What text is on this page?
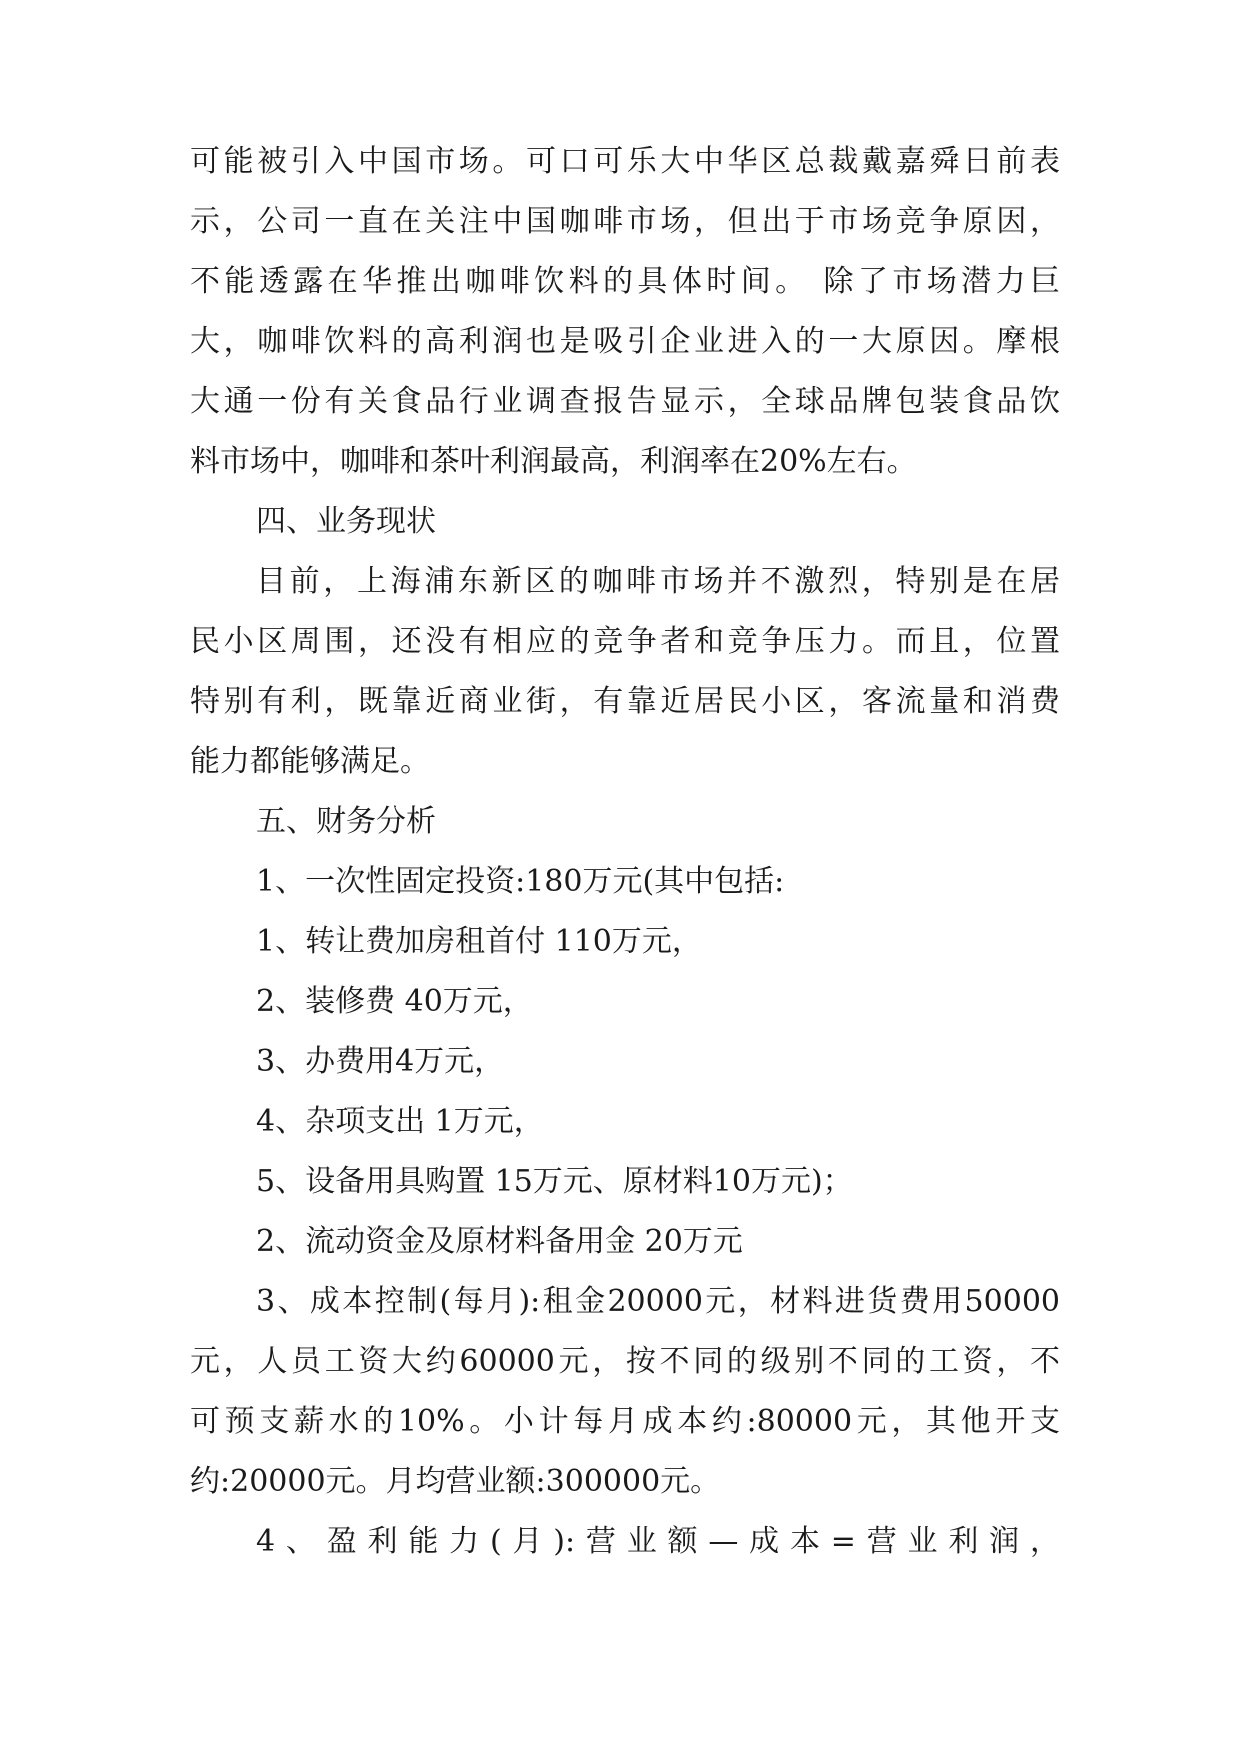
可能被引入中国市场。可口可乐大中华区总裁戴嘉舜日前表
示，公司一直在关注中国咖啡市场，但出于市场竞争原因，
不能透露在华推出咖啡饮料的具体时间。 除了市场潜力巨
大，咖啡饮料的高利润也是吸引企业进入的一大原因。摩根
大通一份有关食品行业调查报告显示，全球品牌包装食品饮
料市场中，咖啡和茶叶利润最高，利润率在20%左右。
四、业务现状
目前，上海浦东新区的咖啡市场并不激烈，特别是在居
民小区周围，还没有相应的竞争者和竞争压力。而且，位置
特别有利，既靠近商业街，有靠近居民小区，客流量和消费
能力都能够满足。
五、财务分析
1、一次性固定投资:180万元(其中包括:
1、转让费加房租首付 110万元，
2、装修费 40万元，
3、办费用4万元，
4、杂项支出 1万元，
5、设备用具购置 15万元、原材料10万元)；
2、流动资金及原材料备用金 20万元
3、成本控制(每月):租金20000元，材料进货费用50000
元，人员工资大约60000元，按不同的级别不同的工资，不
可预支薪水的10%。小计每月成本约:80000元，其他开支
约:20000元。月均营业额:300000元。
4、盈利能力(月):营业额—成本=营业利润，
